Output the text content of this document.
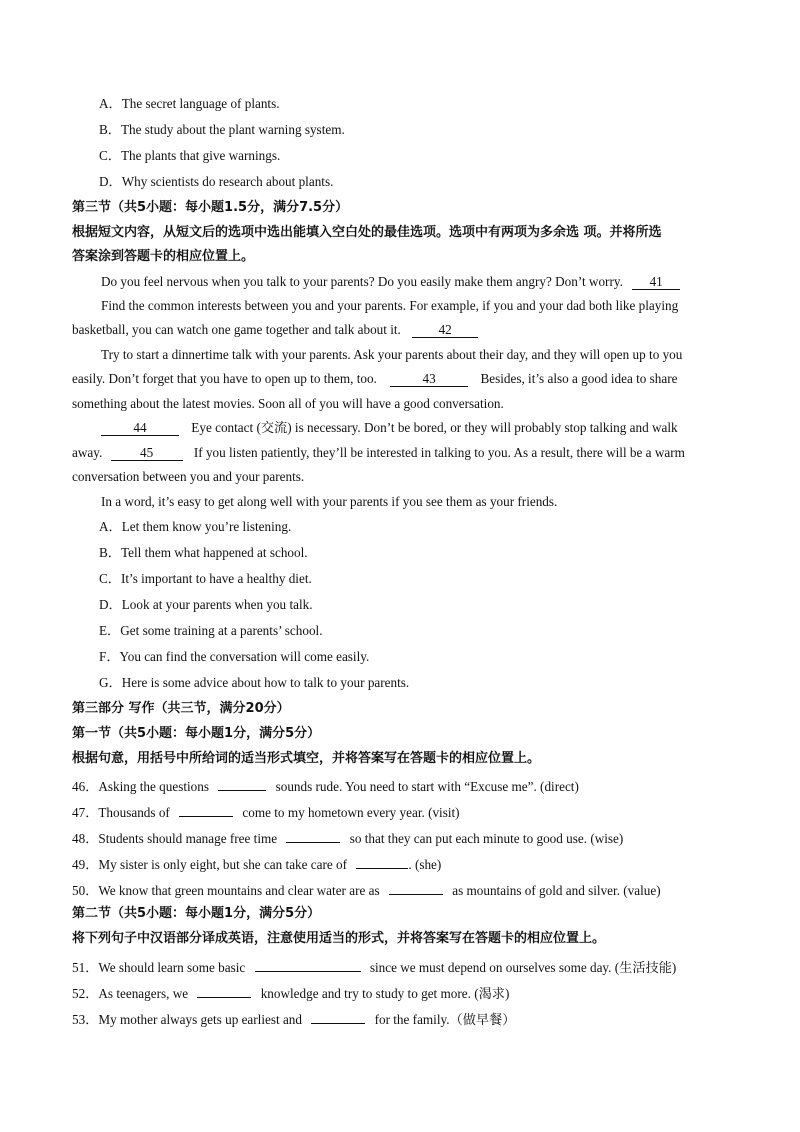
A．The secret language of plants.
B．The study about the plant warning system.
C．The plants that give warnings.
D．Why scientists do research about plants.
第三节（共5小题：每小题1.5分，满分7.5分）
根据短文内容，从短文后的选项中选出能填入空白处的最佳选项。选项中有两项为多余选 项。并将所选
答案涂到答题卡的相应位置上。
Do you feel nervous when you talk to your parents? Do you easily make them angry? Don’t worry. 41
Find the common interests between you and your parents. For example, if you and your dad both like playing
basketball, you can watch one game together and talk about it.	42
Try to start a dinnertime talk with your parents. Ask your parents about their day, and they will open up to you
easily. Don’t forget that you have to open up to them, too.	43	Besides, it’s also a good idea to share
something about the latest movies. Soon all of you will have a good conversation.
44	Eye contact (交流) is necessary. Don’t be bored, or they will probably stop talking and walk
away.	45	If you listen patiently, they’ll be interested in talking to you. As a result, there will be a warm
conversation between you and your parents.
In a word, it’s easy to get along well with your parents if you see them as your friends.
A．Let them know you’re listening.
B．Tell them what happened at school.
C．It’s important to have a healthy diet.
D．Look at your parents when you talk.
E．Get some training at a parents’ school.
F．You can find the conversation will come easily.
G．Here is some advice about how to talk to your parents.
第三部分 写作（共三节，满分20分）
第一节（共5小题：每小题1分，满分5分）
根据句意，用括号中所给词的适当形式填空，并将答案写在答题卡的相应位置上。
46．Asking the questions	sounds rude. You need to start with “Excuse me”. (direct)
47．Thousands of	come to my hometown every year. (visit)
48．Students should manage free time	so that they can put each minute to good use. (wise)
49．My sister is only eight, but she can take care of	. (she)
50．We know that green mountains and clear water are as	as mountains of gold and silver. (value)
第二节（共5小题：每小题1分，满分5分）
将下列句子中汉语部分译成英语，注意使用适当的形式，并将答案写在答题卡的相应位置上。
51．We should learn some basic	since we must depend on ourselves some day. (生活技能)
52．As teenagers, we	knowledge and try to study to get more. (渴求)
53．My mother always gets up earliest and	for the family.（做早餐）
